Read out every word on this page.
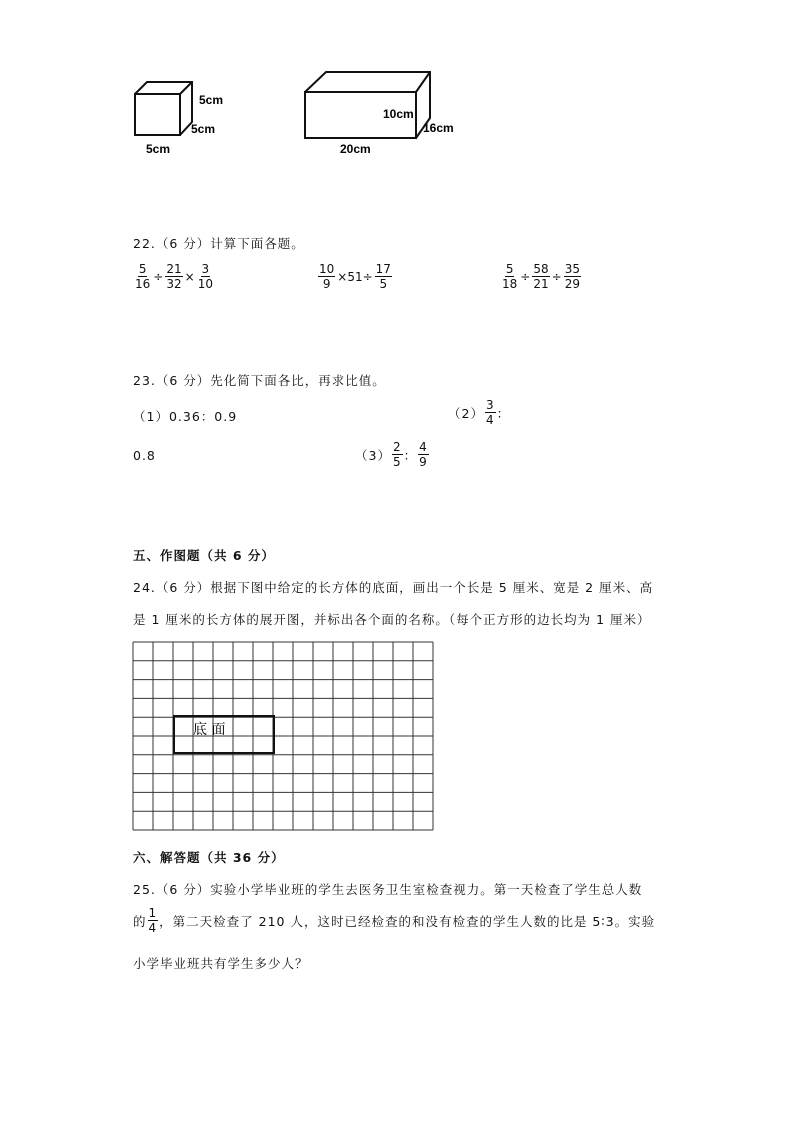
5cm
5cm
5cm
10cm
16cm
20cm
22.（6 分）计算下面各题。
$\frac{5}{16} \div \frac{21}{32} \times \frac{3}{10}$	$\frac{10}{9} \times 51\div \frac{17}{5}$	$\frac{5}{18} \div \frac{58}{21} \div \frac{35}{29}$
23.（6 分）先化简下面各比，再求比值。
（1）0.36：0.9	$(2) \frac{3}{4}$ ：
0.8	$(3) \frac{2}{5}$ ： $\frac{4}{9}$
五、作图题（共 6 分）
24.（6 分）根据下图中给定的长方体的底面，画出一个长是 5 厘米、宽是 2 厘米、高
是 1 厘米的长方体的展开图，并标出各个面的名称。（每个正方形的边长均为 1 厘米）
底 面
六、解答题（共 36 分）
25.（6 分）实验小学毕业班的学生去医务卫生室检查视力。第一天检查了学生总人数
的 $\frac{1}{4}$ ，第二天检查了 210 人，这时已经检查的和没有检查的学生人数的比是 5∶3。实验
小学毕业班共有学生多少人？
